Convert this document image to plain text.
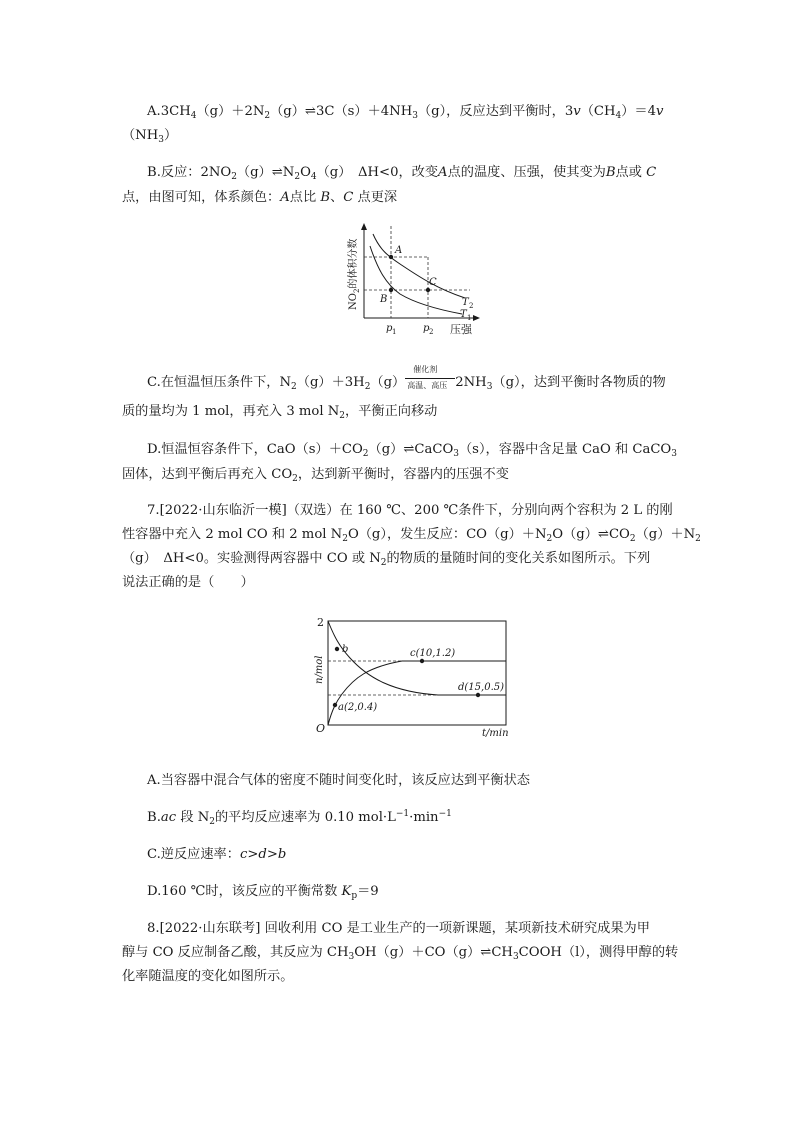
$A.3CH_4(g)+2N_2(g)\rightleftharpoons 3C(s)+4NH_3(g)$，反应达到平衡时，$3v(CH_4)=4v$
$(NH_3)$
B.反应：$2NO_2(g)\rightleftharpoons N_2O_4(g)$　ΔH<0，改变A点的温度、压强，使其变为B点或 C
点，由图可知，体系颜色：A点比 B、C 点更深
A
B
C
T 2
T 1
p 1	p 2 压强
$NO_2$的体积分数
C.在恒温恒压条件下，$N_2(g)+3H_2(g)$
催化剂
高温、高压 $2NH_3(g)$，达到平衡时各物质的物
质的量均为 1 mol，再充入 3 mol $N_2$，平衡正向移动
D.恒温恒容条件下，$CaO(s)+CO_2(g)\rightleftharpoons CaCO_3(s)$，容器中含足量 CaO 和 CaCO$_3$
固体，达到平衡后再充入 $CO_2$，达到新平衡时，容器内的压强不变
7.[2022·山东临沂一模]（双选）在 160 ℃、200 ℃条件下，分别向两个容积为 2 L 的刚
性容器中充入 2 mol CO 和 2 mol $N_2O(g)$，发生反应：$CO(g)+N_2O(g)\rightleftharpoons CO_2(g)+N_2$
（g）　ΔH<0。实验测得两容器中 CO 或 $N_2$的物质的量随时间的变化关系如图所示。下列
说法正确的是（　　）
2
O
b	c(10,1.2)
d(15,0.5)
a(2,0.4)
t/min
n/mol
A.当容器中混合气体的密度不随时间变化时，该反应达到平衡状态
B.ac 段 $N_2$的平均反应速率为 0.10 $mol\cdot L^{-1}\cdot\min^{-1}$
C.逆反应速率：c>d>b
D.160 ℃时，该反应的平衡常数 $K_p=9$
8.[2022·山东联考] 回收利用 CO 是工业生产的一项新课题，某项新技术研究成果为甲
醇与 CO 反应制备乙酸，其反应为 $CH_3OH(g)+CO(g)\rightleftharpoons CH_3COOH(l)$，测得甲醇的转
化率随温度的变化如图所示。
